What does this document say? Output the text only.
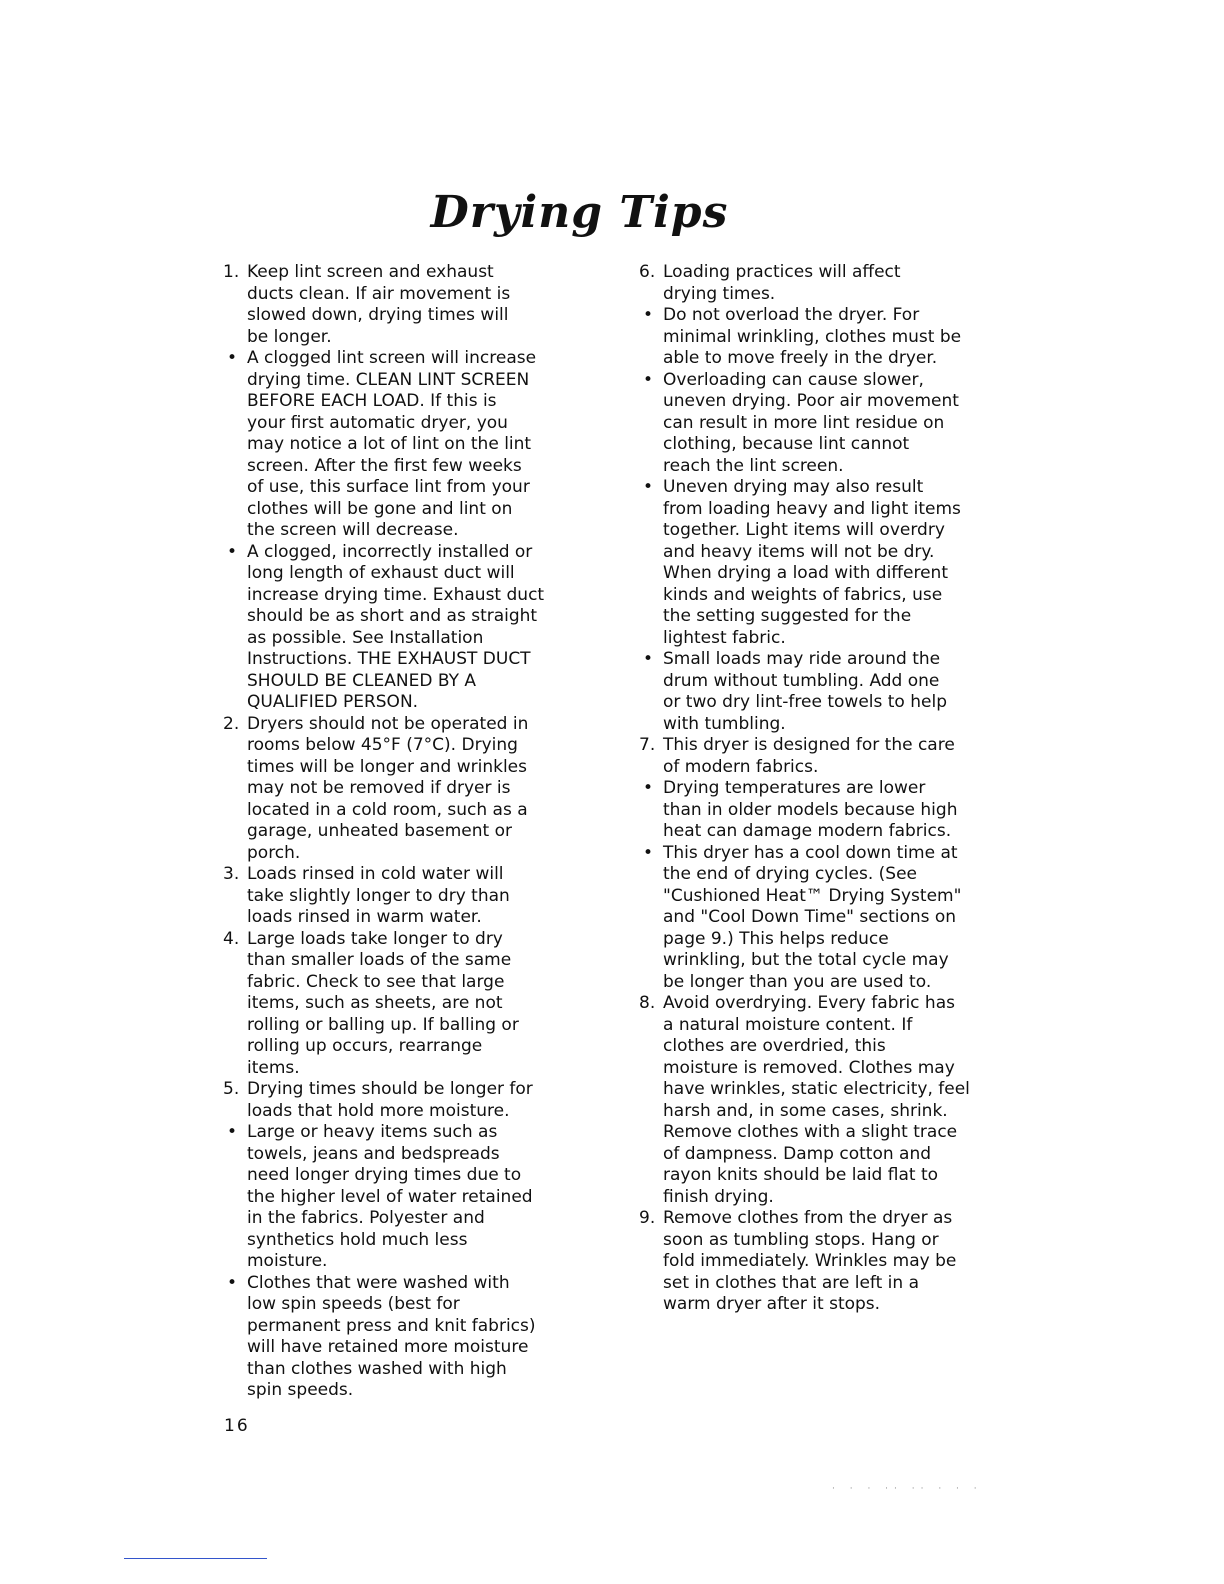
Drying Tips

1. Keep lint screen and exhaust
ducts clean. If air movement is
slowed down, drying times will
be longer.

• A clogged lint screen will increase
drying time. CLEAN LINT SCREEN
BEFORE EACH LOAD. If this is
your first automatic dryer, you
may notice a lot of lint on the lint
screen. After the first few weeks
of use, this surface lint from your
clothes will be gone and lint on
the screen will decrease.

• A clogged, incorrectly installed or
long length of exhaust duct will
increase drying time. Exhaust duct
should be as short and as straight
as possible. See Installation
Instructions. THE EXHAUST DUCT
SHOULD BE CLEANED BY A
QUALIFIED PERSON.

2. Dryers should not be operated in
rooms below 45°F (7°C). Drying
times will be longer and wrinkles
may not be removed if dryer is
located in a cold room, such as a
garage, unheated basement or
porch.

3. Loads rinsed in cold water will
take slightly longer to dry than
loads rinsed in warm water.

4. Large loads take longer to dry
than smaller loads of the same
fabric. Check to see that large
items, such as sheets, are not
rolling or balling up. If balling or
rolling up occurs, rearrange
items.

5. Drying times should be longer for
loads that hold more moisture.

• Large or heavy items such as
towels, jeans and bedspreads
need longer drying times due to
the higher level of water retained
in the fabrics. Polyester and
synthetics hold much less
moisture.

• Clothes that were washed with
low spin speeds (best for
permanent press and knit fabrics)
will have retained more moisture
than clothes washed with high
spin speeds.

6. Loading practices will affect
drying times.

• Do not overload the dryer. For
minimal wrinkling, clothes must be
able to move freely in the dryer.

• Overloading can cause slower,
uneven drying. Poor air movement
can result in more lint residue on
clothing, because lint cannot
reach the lint screen.

• Uneven drying may also result
from loading heavy and light items
together. Light items will overdry
and heavy items will not be dry.
When drying a load with different
kinds and weights of fabrics, use
the setting suggested for the
lightest fabric.

• Small loads may ride around the
drum without tumbling. Add one
or two dry lint-free towels to help
with tumbling.

7. This dryer is designed for the care
of modern fabrics.

• Drying temperatures are lower
than in older models because high
heat can damage modern fabrics.

• This dryer has a cool down time at
the end of drying cycles. (See
"Cushioned Heat™ Drying System"
and "Cool Down Time" sections on
page 9.) This helps reduce
wrinkling, but the total cycle may
be longer than you are used to.

8. Avoid overdrying. Every fabric has
a natural moisture content. If
clothes are overdried, this
moisture is removed. Clothes may
have wrinkles, static electricity, feel
harsh and, in some cases, shrink.
Remove clothes with a slight trace
of dampness. Damp cotton and
rayon knits should be laid flat to
finish drying.

9. Remove clothes from the dryer as
soon as tumbling stops. Hang or
fold immediately. Wrinkles may be
set in clothes that are left in a
warm dryer after it stops.

16
· · · ·· ·· · · ·
